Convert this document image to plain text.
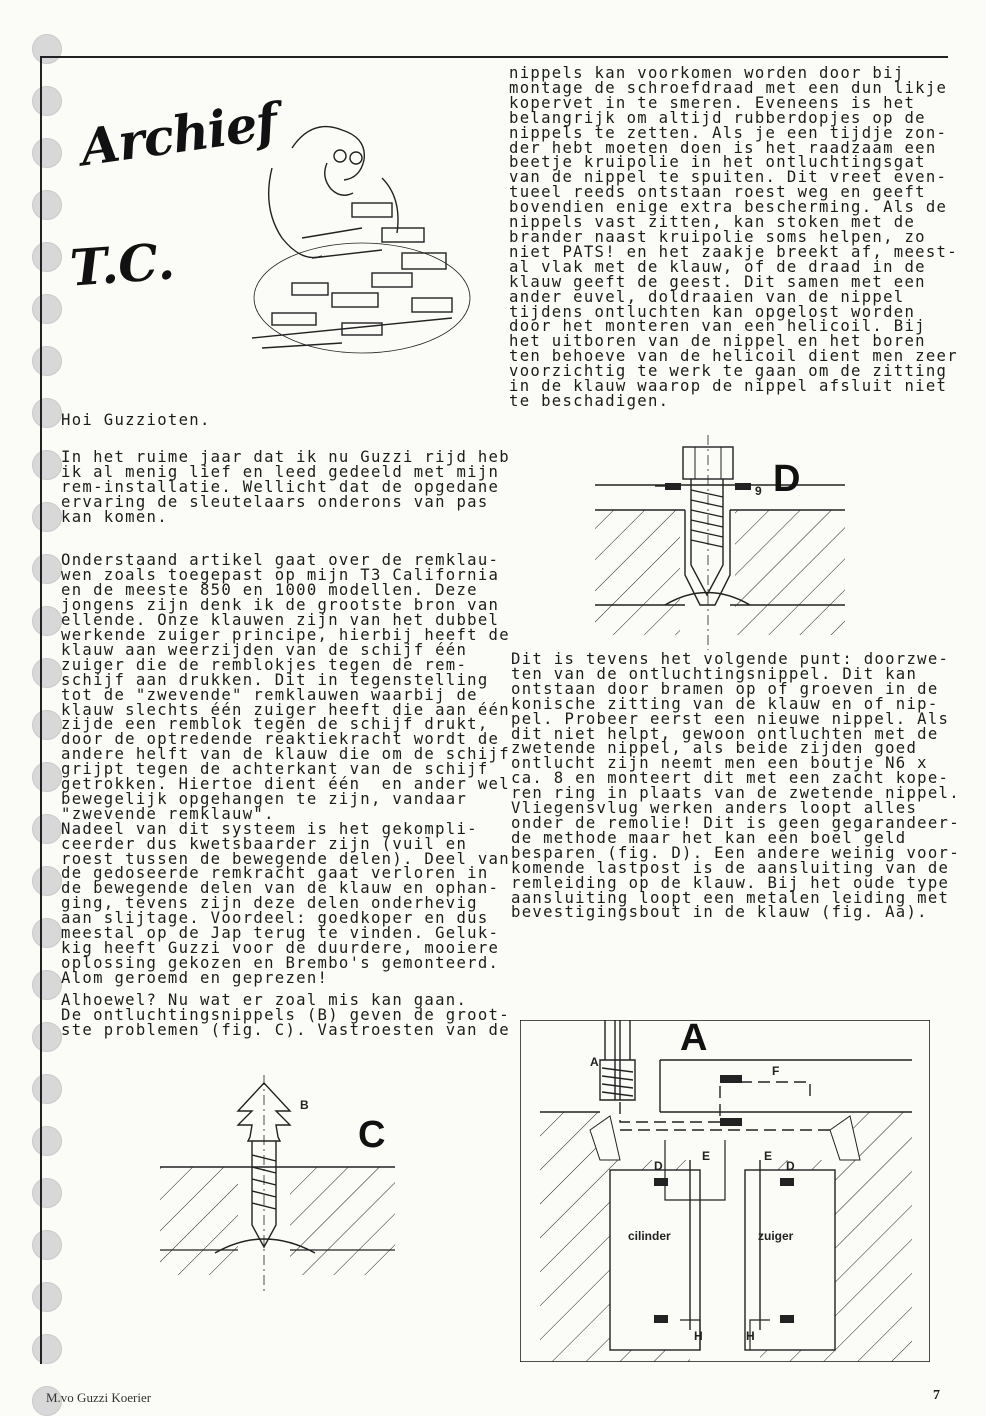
Archief
T.C.

Hoi Guzzioten.

In het ruime jaar dat ik nu Guzzi rijd heb

ik al menig lief en leed gedeeld met mijn

rem-installatie. Wellicht dat de opgedane

ervaring de sleutelaars onderons van pas

kan komen.

Onderstaand artikel gaat over de remklau-

wen zoals toegepast op mijn T3 California

en de meeste 850 en 1000 modellen. Deze

jongens zijn denk ik de grootste bron van

ellende. Onze klauwen zijn van het dubbel

werkende zuiger principe, hierbij heeft de

klauw aan weerzijden van de schijf één

zuiger die de remblokjes tegen de rem-

schijf aan drukken. Dit in tegenstelling

tot de "zwevende" remklauwen waarbij de

klauw slechts één zuiger heeft die aan één

zijde een remblok tegen de schijf drukt,

door de optredende reaktiekracht wordt de

andere helft van de klauw die om de schijf

grijpt tegen de achterkant van de schijf

getrokken. Hiertoe dient één  en ander wel

bewegelijk opgehangen te zijn, vandaar

"zwevende remklauw".

Nadeel van dit systeem is het gekompli-

ceerder dus kwetsbaarder zijn (vuil en

roest tussen de bewegende delen). Deel van

de gedoseerde remkracht gaat verloren in

de bewegende delen van de klauw en ophan-

ging, tevens zijn deze delen onderhevig

aan slijtage. Voordeel: goedkoper en dus

meestal op de Jap terug te vinden. Geluk-

kig heeft Guzzi voor de duurdere, mooiere

oplossing gekozen en Brembo's gemonteerd.

Alom geroemd en geprezen!

Alhoewel? Nu wat er zoal mis kan gaan.

De ontluchtingsnippels (B) geven de groot-

ste problemen (fig. C). Vastroesten van de

nippels kan voorkomen worden door bij

montage de schroefdraad met een dun likje

kopervet in te smeren. Eveneens is het

belangrijk om altijd rubberdopjes op de

nippels te zetten. Als je een tijdje zon-

der hebt moeten doen is het raadzaam een

beetje kruipolie in het ontluchtingsgat

van de nippel te spuiten. Dit vreet even-

tueel reeds ontstaan roest weg en geeft

bovendien enige extra bescherming. Als de

nippels vast zitten, kan stoken met de

brander naast kruipolie soms helpen, zo

niet PATS! en het zaakje breekt af, meest-

al vlak met de klauw, of de draad in de

klauw geeft de geest. Dit samen met een

ander euvel, doldraaien van de nippel

tijdens ontluchten kan opgelost worden

door het monteren van een helicoil. Bij

het uitboren van de nippel en het boren

ten behoeve van de helicoil dient men zeer

voorzichtig te werk te gaan om de zitting

in de klauw waarop de nippel afsluit niet

te beschadigen.

Dit is tevens het volgende punt: doorzwe-

ten van de ontluchtingsnippel. Dit kan

ontstaan door bramen op of groeven in de

konische zitting van de klauw en of nip-

pel. Probeer eerst een nieuwe nippel. Als

dit niet helpt, gewoon ontluchten met de

zwetende nippel, als beide zijden goed

ontlucht zijn neemt men een boutje N6 x

ca. 8 en monteert dit met een zacht kope-

ren ring in plaats van de zwetende nippel.

Vliegensvlug werken anders loopt alles

onder de remolie! Dit is geen gegarandeer-

de methode maar het kan een boel geld

besparen (fig. D). Een andere weinig voor-

komende lastpost is de aansluiting van de

remleiding op de klauw. Bij het oude type

aansluiting loopt een metalen leiding met

bevestigingsbout in de klauw (fig. Aa).

9 D
B
C
A
A
F
D
E	E
D
cilinder	zuiger
H	H
M.vo Guzzi Koerier	7
